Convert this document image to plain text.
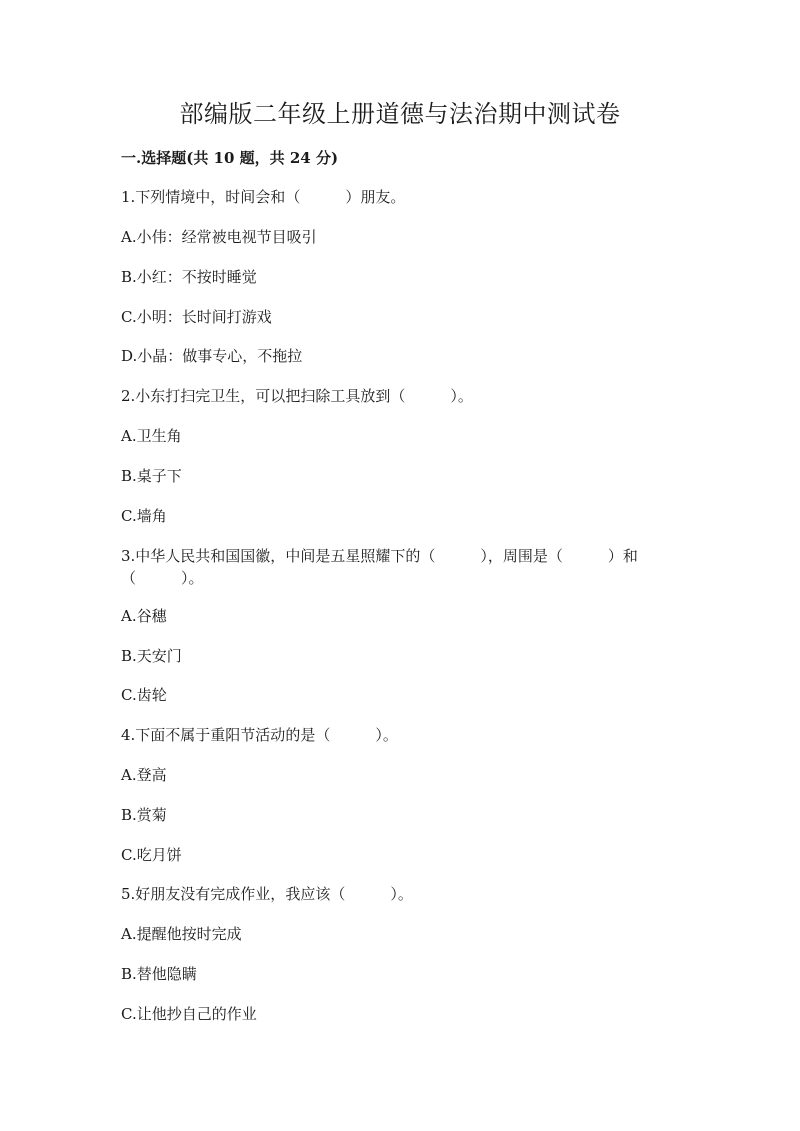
部编版二年级上册道德与法治期中测试卷
一.选择题(共 10 题，共 24 分)

1.下列情境中，时间会和（　　　）朋友。

A.小伟：经常被电视节目吸引

B.小红：不按时睡觉

C.小明：长时间打游戏

D.小晶：做事专心，不拖拉

2.小东打扫完卫生，可以把扫除工具放到（　　　）。

A.卫生角

B.桌子下

C.墙角

3.中华人民共和国国徽，中间是五星照耀下的（　　　），周围是（　　　）和（　　　）。

A.谷穗

B.天安门

C.齿轮

4.下面不属于重阳节活动的是（　　　）。

A.登高

B.赏菊

C.吃月饼

5.好朋友没有完成作业，我应该（　　　）。

A.提醒他按时完成

B.替他隐瞒

C.让他抄自己的作业
